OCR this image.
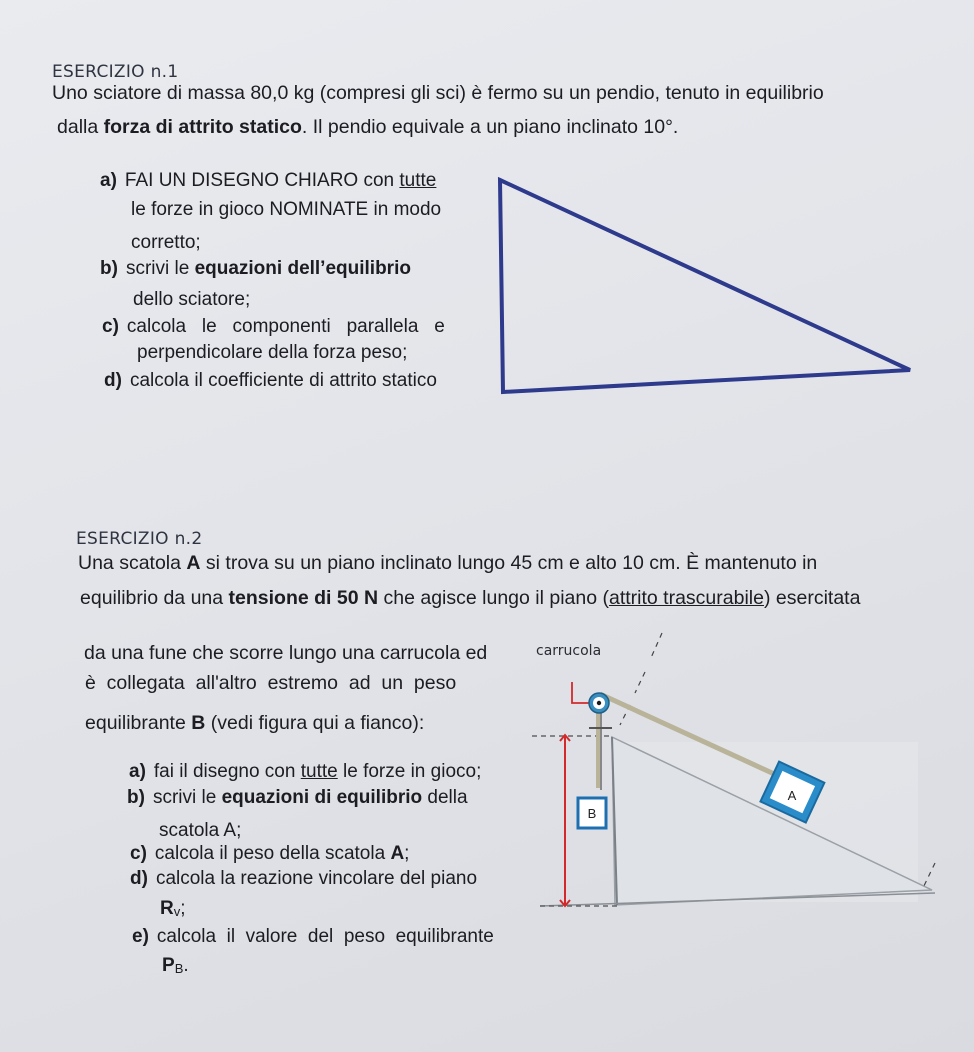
ESERCIZIO n.1
Uno sciatore di massa 80,0 kg (compresi gli sci) è fermo su un pendio, tenuto in equilibrio
dalla forza di attrito statico. Il pendio equivale a un piano inclinato 10°.
a) FAI UN DISEGNO CHIARO con tutte
le forze in gioco NOMINATE in modo
corretto;
b) scrivi le equazioni dell’equilibrio
dello sciatore;
c) calcola   le   componenti   parallela   e
perpendicolare della forza peso;
d) calcola il coefficiente di attrito statico
ESERCIZIO n.2
Una scatola A si trova su un piano inclinato lungo 45 cm e alto 10 cm. È mantenuto in
equilibrio da una tensione di 50 N che agisce lungo il piano (attrito trascurabile) esercitata
da una fune che scorre lungo una carrucola ed
è  collegata  all'altro  estremo  ad  un  peso
equilibrante B (vedi figura qui a fianco):
a) fai il disegno con tutte le forze in gioco;
b) scrivi le equazioni di equilibrio della
scatola A;
c) calcola il peso della scatola A;
d) calcola la reazione vincolare del piano
Rv;
e) calcola  il  valore  del  peso  equilibrante
PB.
B
A
carrucola
